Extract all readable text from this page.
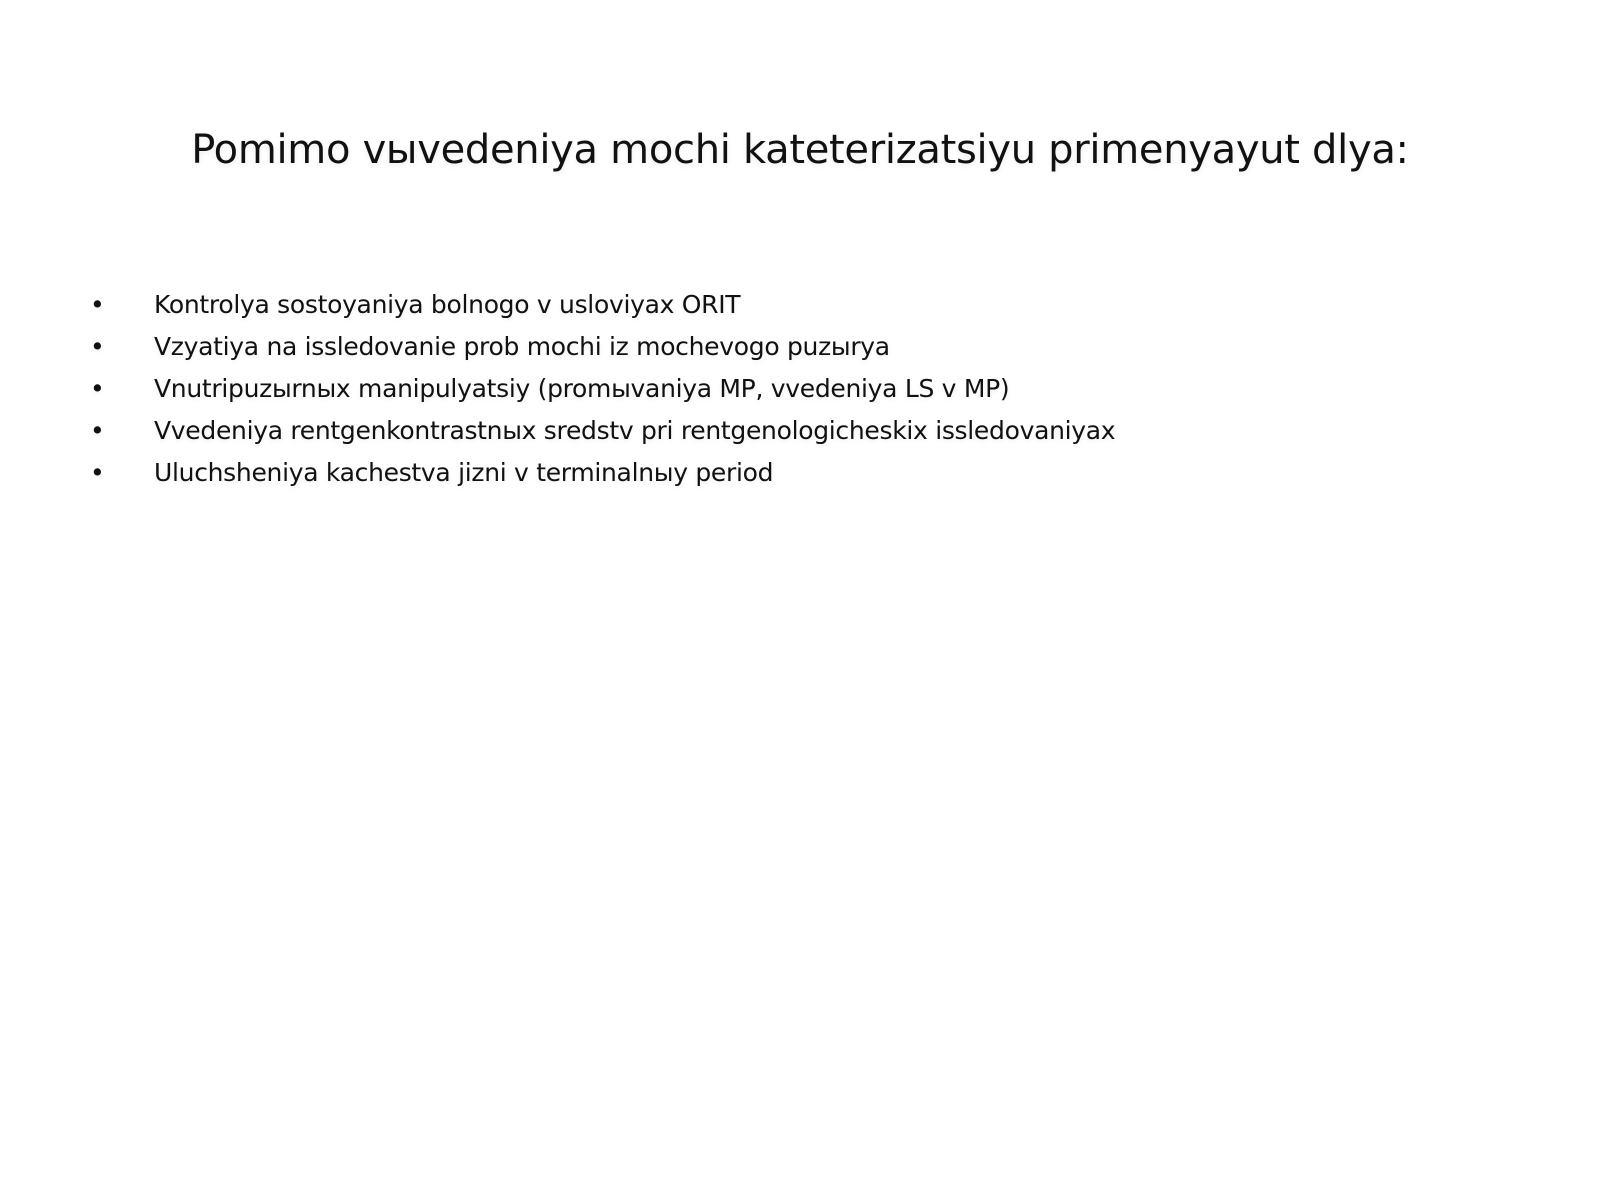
Pomimo vыvedeniya mochi kateterizatsiyu primenyayut dlya:
•	Kontrolya sostoyaniya bolnogo v usloviyax ORIT
•	Vzyatiya na issledovanie prob mochi iz mochevogo puzыrya
•	Vnutripuzыrnыx manipulyatsiy (promыvaniya MP, vvedeniya LS v MP)
•	Vvedeniya rentgenkontrastnыx sredstv pri rentgenologicheskix issledovaniyax
•	Uluchsheniya kachestva jizni v terminalnыy period
